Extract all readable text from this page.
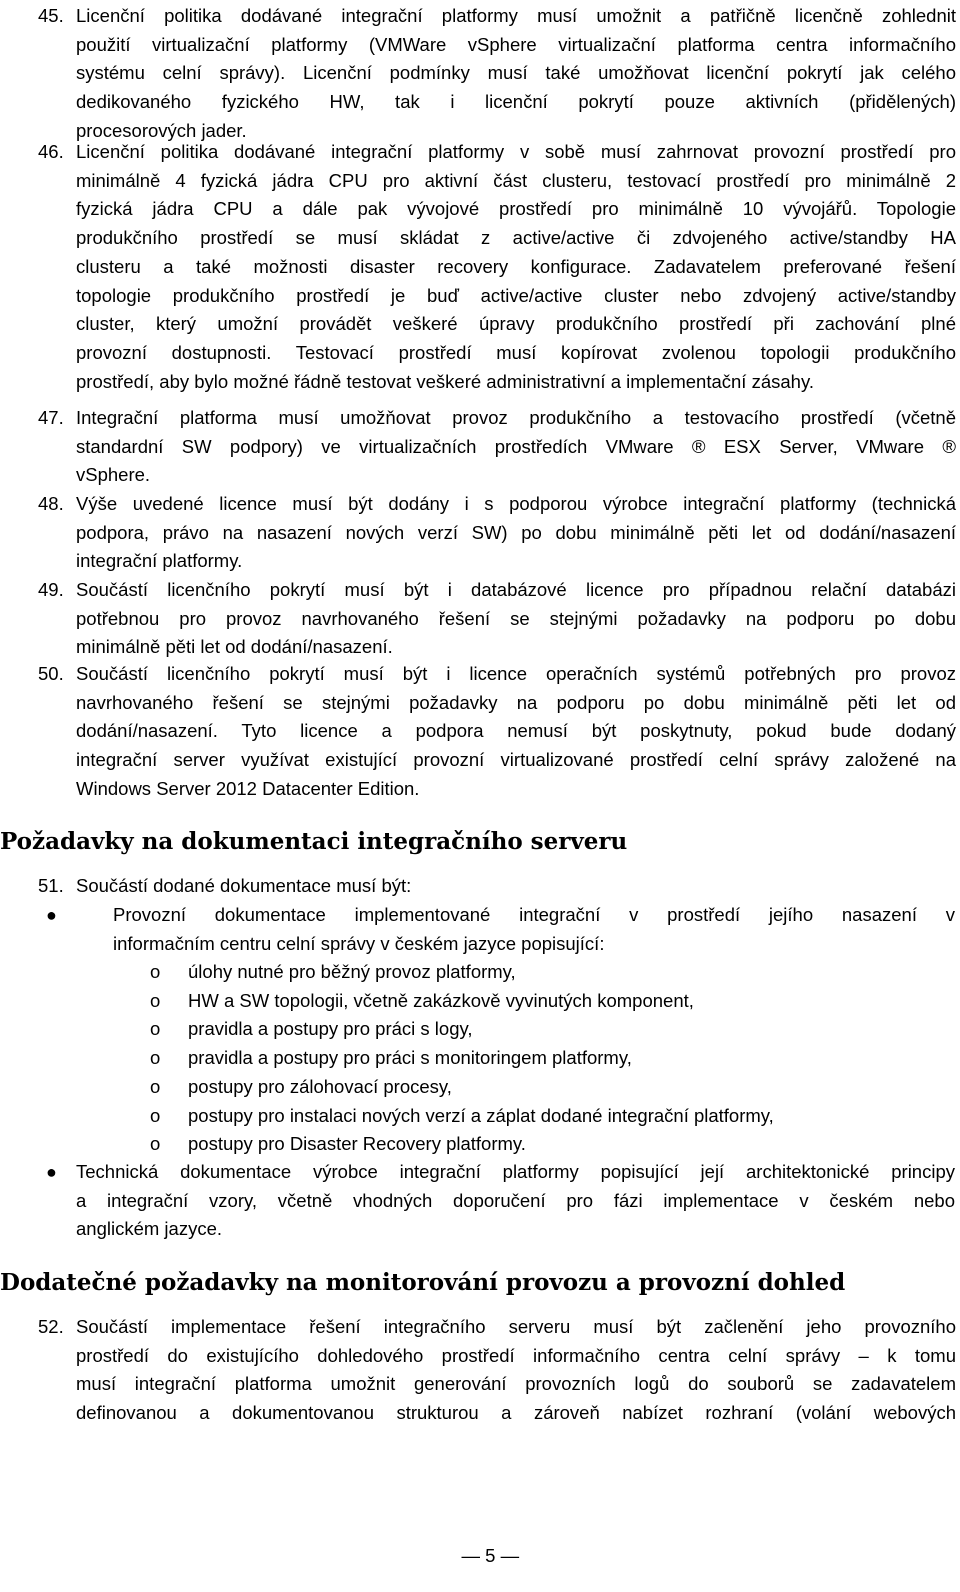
45. Licenční politika dodávané integrační platformy musí umožnit a patřičně licenčně zohlednit
použití virtualizační platformy (VMWare vSphere virtualizační platforma centra informačního
systému celní správy). Licenční podmínky musí také umožňovat licenční pokrytí jak celého
dedikovaného fyzického HW, tak i licenční pokrytí pouze aktivních (přidělených)
procesorových jader.
46. Licenční politika dodávané integrační platformy v sobě musí zahrnovat provozní prostředí pro
minimálně 4 fyzická jádra CPU pro aktivní část clusteru, testovací prostředí pro minimálně 2
fyzická jádra CPU a dále pak vývojové prostředí pro minimálně 10 vývojářů. Topologie
produkčního prostředí se musí skládat z active/active či zdvojeného active/standby HA
clusteru a také možnosti disaster recovery konfigurace. Zadavatelem preferované řešení
topologie produkčního prostředí je buď active/active cluster nebo zdvojený active/standby
cluster, který umožní provádět veškeré úpravy produkčního prostředí při zachování plné
provozní dostupnosti. Testovací prostředí musí kopírovat zvolenou topologii produkčního
prostředí, aby bylo možné řádně testovat veškeré administrativní a implementační zásahy.
47. Integrační platforma musí umožňovat provoz produkčního a testovacího prostředí (včetně
standardní SW podpory) ve virtualizačních prostředích VMware ® ESX Server, VMware ®
vSphere.
48. Výše uvedené licence musí být dodány i s podporou výrobce integrační platformy (technická
podpora, právo na nasazení nových verzí SW) po dobu minimálně pěti let od dodání/nasazení
integrační platformy.
49. Součástí licenčního pokrytí musí být i databázové licence pro případnou relační databázi
potřebnou pro provoz navrhovaného řešení se stejnými požadavky na podporu po dobu
minimálně pěti let od dodání/nasazení.
50. Součástí licenčního pokrytí musí být i licence operačních systémů potřebných pro provoz
navrhovaného řešení se stejnými požadavky na podporu po dobu minimálně pěti let od
dodání/nasazení. Tyto licence a podpora nemusí být poskytnuty, pokud bude dodaný
integrační server využívat existující provozní virtualizované prostředí celní správy založené na
Windows Server 2012 Datacenter Edition.
Požadavky na dokumentaci integračního serveru
51. Součástí dodané dokumentace musí být:
●	Provozní dokumentace implementované integrační v prostředí jejího nasazení v
informačním centru celní správy v českém jazyce popisující:
o úlohy nutné pro běžný provoz platformy,
o HW a SW topologii, včetně zakázkově vyvinutých komponent,
o pravidla a postupy pro práci s logy,
o pravidla a postupy pro práci s monitoringem platformy,
o postupy pro zálohovací procesy,
o postupy pro instalaci nových verzí a záplat dodané integrační platformy,
o postupy pro Disaster Recovery platformy.
● Technická dokumentace výrobce integrační platformy popisující její architektonické principy
a integrační vzory, včetně vhodných doporučení pro fázi implementace v českém nebo
anglickém jazyce.
Dodatečné požadavky na monitorování provozu a provozní dohled
52. Součástí implementace řešení integračního serveru musí být začlenění jeho provozního
prostředí do existujícího dohledového prostředí informačního centra celní správy – k tomu
musí integrační platforma umožnit generování provozních logů do souborů se zadavatelem
definovanou a dokumentovanou strukturou a zároveň nabízet rozhraní (volání webových

— 5 —
